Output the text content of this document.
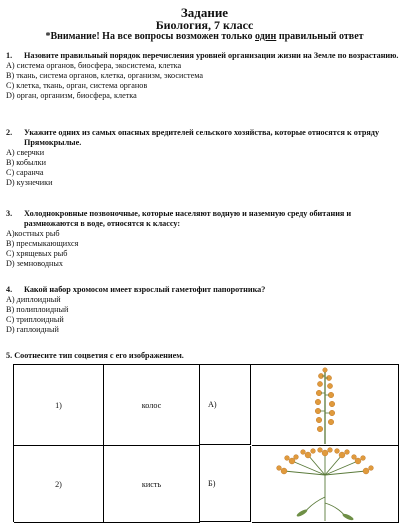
Задание
Биология, 7 класс
*Внимание! На все вопросы возможен только один правильный ответ
1.	Назовите правильный порядок перечисления уровней организации жизни на Земле по возрастанию.
А) система органов, биосфера, экосистема, клетка
В) ткань, система органов, клетка, организм, экосистема
С) клетка, ткань, орган, система органов
D) орган, организм, биосфера, клетка
2.	Укажите одних из самых опасных вредителей сельского хозяйства, которые относятся к отряду Прямокрылые.
А) сверчки
В) кобылки
С) саранча
D) кузнечики
3.	Холоднокровные позвоночные, которые населяют водную и наземную среду обитания и размножаются в воде, относятся к классу:
А)костных рыб
В) пресмыкающихся
С) хрящевых рыб
D) земноводных
4.	Какой набор хромосом имеет взрослый гаметофит папоротника?
А) диплоидный
В) полиплоидный
С) триплоидный
D) гаплоидный
5. Соотнесите тип соцветия с его изображением.
1)	колос	А)
2)	кисть	Б)
